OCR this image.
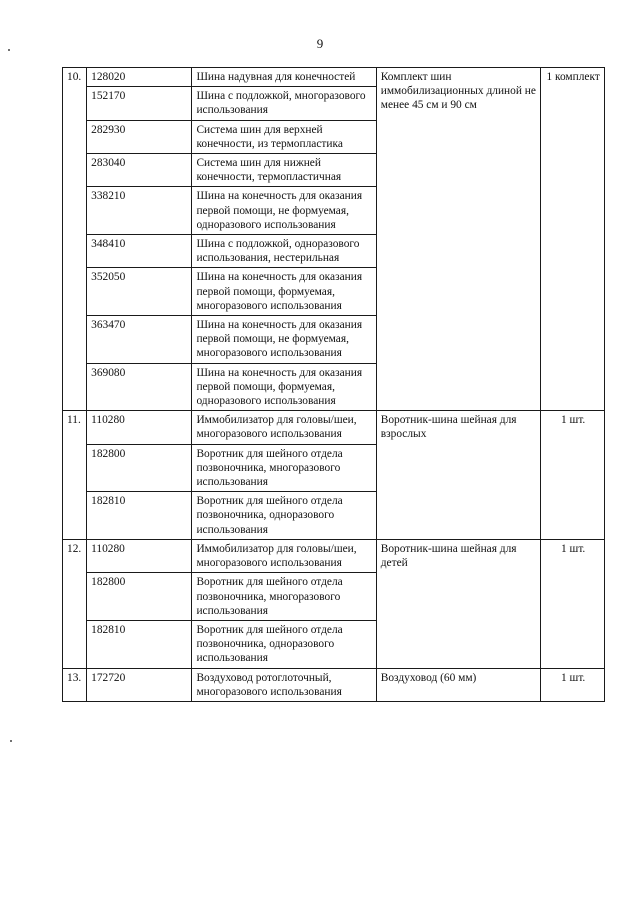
9
10.	128020	Шина надувная для конечностей	Комплект шин иммобилизационных длиной не менее 45 см и 90 см	1 комплект
	152170	Шина с подложкой, многоразового использования		
	282930	Система шин для верхней конечности, из термопластика		
	283040	Система шин для нижней конечности, термопластичная		
	338210	Шина на конечность для оказания первой помощи, не формуемая, одноразового использования		
	348410	Шина с подложкой, одноразового использования, нестерильная		
	352050	Шина на конечность для оказания первой помощи, формуемая, многоразового использования		
	363470	Шина на конечность для оказания первой помощи, не формуемая, многоразового использования		
	369080	Шина на конечность для оказания первой помощи, формуемая, одноразового использования		
11.	110280	Иммобилизатор для головы/шеи, многоразового использования	Воротник-шина шейная для взрослых	1 шт.
	182800	Воротник для шейного отдела позвоночника, многоразового использования		
	182810	Воротник для шейного отдела позвоночника, одноразового использования		
12.	110280	Иммобилизатор для головы/шеи, многоразового использования	Воротник-шина шейная для детей	1 шт.
	182800	Воротник для шейного отдела позвоночника, многоразового использования		
	182810	Воротник для шейного отдела позвоночника, одноразового использования		
13.	172720	Воздуховод ротоглоточный, многоразового использования	Воздуховод (60 мм)	1 шт.
